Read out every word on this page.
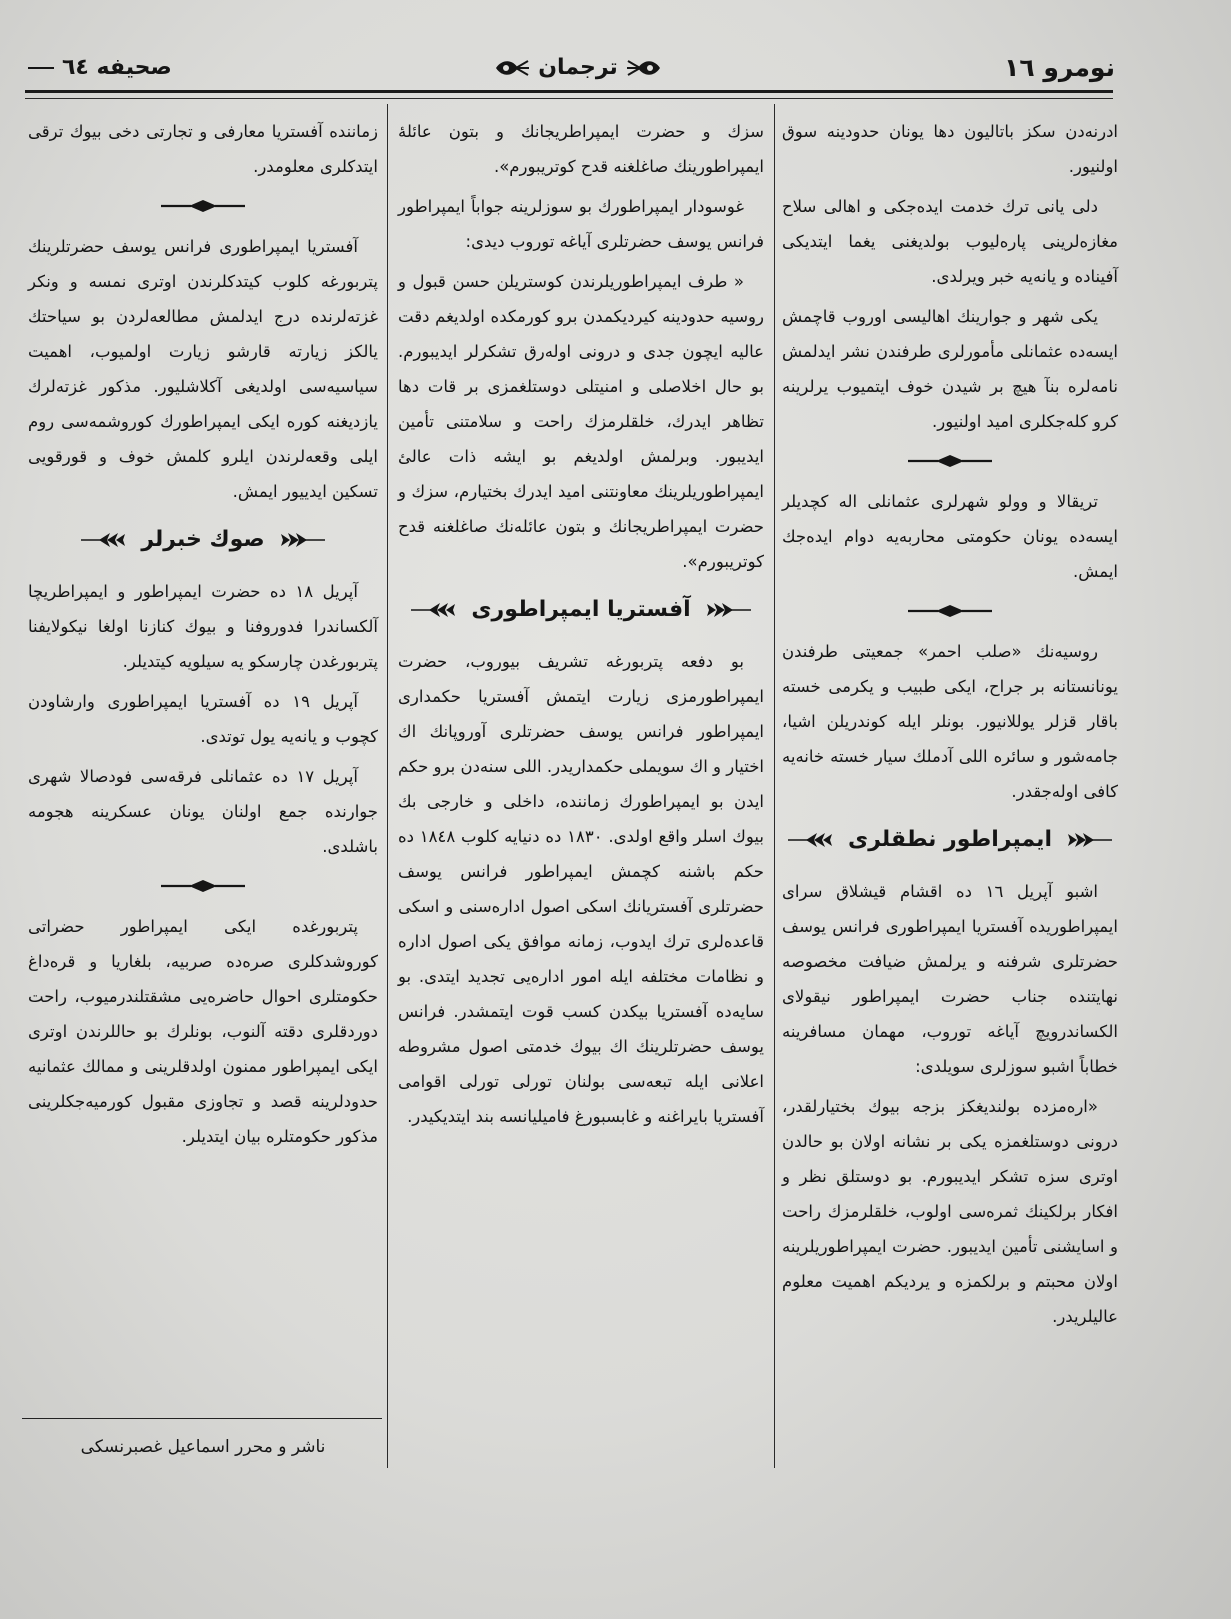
نومرو ١٦
ترجمان
صحيفه ٦٤

ادرنه‌دن سكز باتاليون دها يونان حدودينه سوق اولنيور.

دلى يانى ترك خدمت ايده‌جكى و اهالى سلاح مغازه‌لرينى پاره‌ليوب بولديغنى يغما ايتديكى آفيناده و يانه‌يه خبر ويرلدى.

يكى شهر و جوارينك اهاليسى اوروب قاچمش ايسه‌ده عثمانلى مأمورلرى طرفندن نشر ايدلمش نامه‌لره بنآ هيچ بر شيدن خوف ايتميوب يرلرينه كرو كله‌جكلرى اميد اولنيور.

تريقالا و وولو شهرلرى عثمانلى اله كچديلر ايسه‌ده يونان حكومتى محاربه‌يه دوام ايده‌جك ايمش.

روسيه‌نك «صلب احمر» جمعيتى طرفندن يونانستانه بر جراح، ايكى طبيب و يكرمى خسته باقار قزلر يوللانيور. بونلر ايله كوندريلن اشيا، جامه‌شور و سائره اللى آدملك سيار خسته خانه‌يه كافى اوله‌جقدر.

ايمپراطور نطقلرى

اشبو آپريل ١٦ ده اقشام قيشلاق سراى ايمپراطوريده آفستريا ايمپراطورى فرانس يوسف حضرتلرى شرفنه و يرلمش ضيافت مخصوصه نهايتنده جناب حضرت ايمپراطور نيقولاى الكساندرويچ آياغه توروب، مهمان مسافرينه خطاباً اشبو سوزلرى سويلدى:

«اره‌مزده بولنديغكز بزجه بيوك بختيارلقدر، درونى دوستلغمزه يكى بر نشانه اولان بو حالدن اوترى سزه تشكر ايديبورم. بو دوستلق نظر و افكار برلكينك ثمره‌سى اولوب، خلقلرمزك راحت و اسايشنى تأمين ايديبور. حضرت ايمپراطوريلرينه اولان محبتم و برلكمزه و يرديكم اهميت معلوم عاليلريدر.

سزك و حضرت ايمپراطريجانك و بتون عائلهٔ ايمپراطورينك صاغلغنه قدح كوتريبورم».

غوسودار ايمپراطورك بو سوزلرينه جواباً ايمپراطور فرانس يوسف حضرتلرى آياغه توروب ديدى:

« طرف ايمپراطوريلرندن كوستريلن حسن قبول و روسيه حدودينه كيرديكمدن برو كورمكده اولديغم دقت عاليه ايچون جدى و درونى اوله‌رق تشكرلر ايديبورم. بو حال اخلاصلى و امنيتلى دوستلغمزى بر قات دها تظاهر ايدرك، خلقلرمزك راحت و سلامتنى تأمين ايديبور. وبرلمش اولديغم بو ايشه ذات عالئ ايمپراطوريلرينك معاونتنى اميد ايدرك بختيارم، سزك و حضرت ايمپراطريجانك و بتون عائله‌نك صاغلغنه قدح كوتريبورم».

آفستريا ايمپراطورى

بو دفعه پتربورغه تشريف بيوروب، حضرت ايمپراطورمزى زيارت ايتمش آفستريا حكمدارى ايمپراطور فرانس يوسف حضرتلرى آوروپانك اك اختيار و اك سويملى حكمداريدر. اللى سنه‌دن برو حكم ايدن بو ايمپراطورك زماننده، داخلى و خارجى بك بيوك اسلر واقع اولدى. ١٨٣٠ ده دنيايه كلوب ١٨٤٨ ده حكم باشنه كچمش ايمپراطور فرانس يوسف حضرتلرى آفستريانك اسكى اصول اداره‌سنى و اسكى قاعده‌لرى ترك ايدوب، زمانه موافق يكى اصول اداره و نظامات مختلفه ايله امور اداره‌يى تجديد ايتدى. بو سايه‌ده آفستريا بيكدن كسب قوت ايتمشدر. فرانس يوسف حضرتلرينك اك بيوك خدمتى اصول مشروطه اعلانى ايله تبعه‌سى بولنان تورلى تورلى اقوامى آفستريا بايراغنه و غابسبورغ فاميليانسه بند ايتديكيدر.

زماننده آفستريا معارفى و تجارتى دخى بيوك ترقى ايتدكلرى معلومدر.

آفستريا ايمپراطورى فرانس يوسف حضرتلرينك پتربورغه كلوب كيتدكلرندن اوترى نمسه و ونكر غزته‌لرنده درج ايدلمش مطالعه‌لردن بو سياحتك يالكز زيارته قارشو زيارت اولميوب، اهميت سياسيه‌سى اولديغى آكلاشليور. مذكور غزته‌لرك يازديغنه كوره ايكى ايمپراطورك كوروشمه‌سى روم ايلى وقعه‌لرندن ايلرو كلمش خوف و قورقويى تسكين ايدييور ايمش.

صوك خبرلر

آپريل ١٨ ده حضرت ايمپراطور و ايمپراطريچا آلكساندرا فدوروفنا و بيوك كنازنا اولغا نيكولايفنا پتربورغدن چارسكو يه سيلويه كيتديلر.

آپريل ١٩ ده آفستريا ايمپراطورى وارشاودن كچوب و يانه‌يه يول توتدى.

آپريل ١٧ ده عثمانلى فرقه‌سى فودصالا شهرى جوارنده جمع اولنان يونان عسكرينه هجومه باشلدى.

پتربورغده ايكى ايمپراطور حضراتى كوروشدكلرى صره‌ده صربيه، بلغاريا و قره‌داغ حكومتلرى احوال حاضره‌يى مشقتلندرميوب، راحت دوردقلرى دقته آلنوب، بونلرك بو حاللرندن اوترى ايكى ايمپراطور ممنون اولدقلرينى و ممالك عثمانيه حدودلرينه قصد و تجاوزى مقبول كورميه‌جكلرينى مذكور حكومتلره بيان ايتديلر.

ناشر و محرر اسماعيل غصبرنسكى
